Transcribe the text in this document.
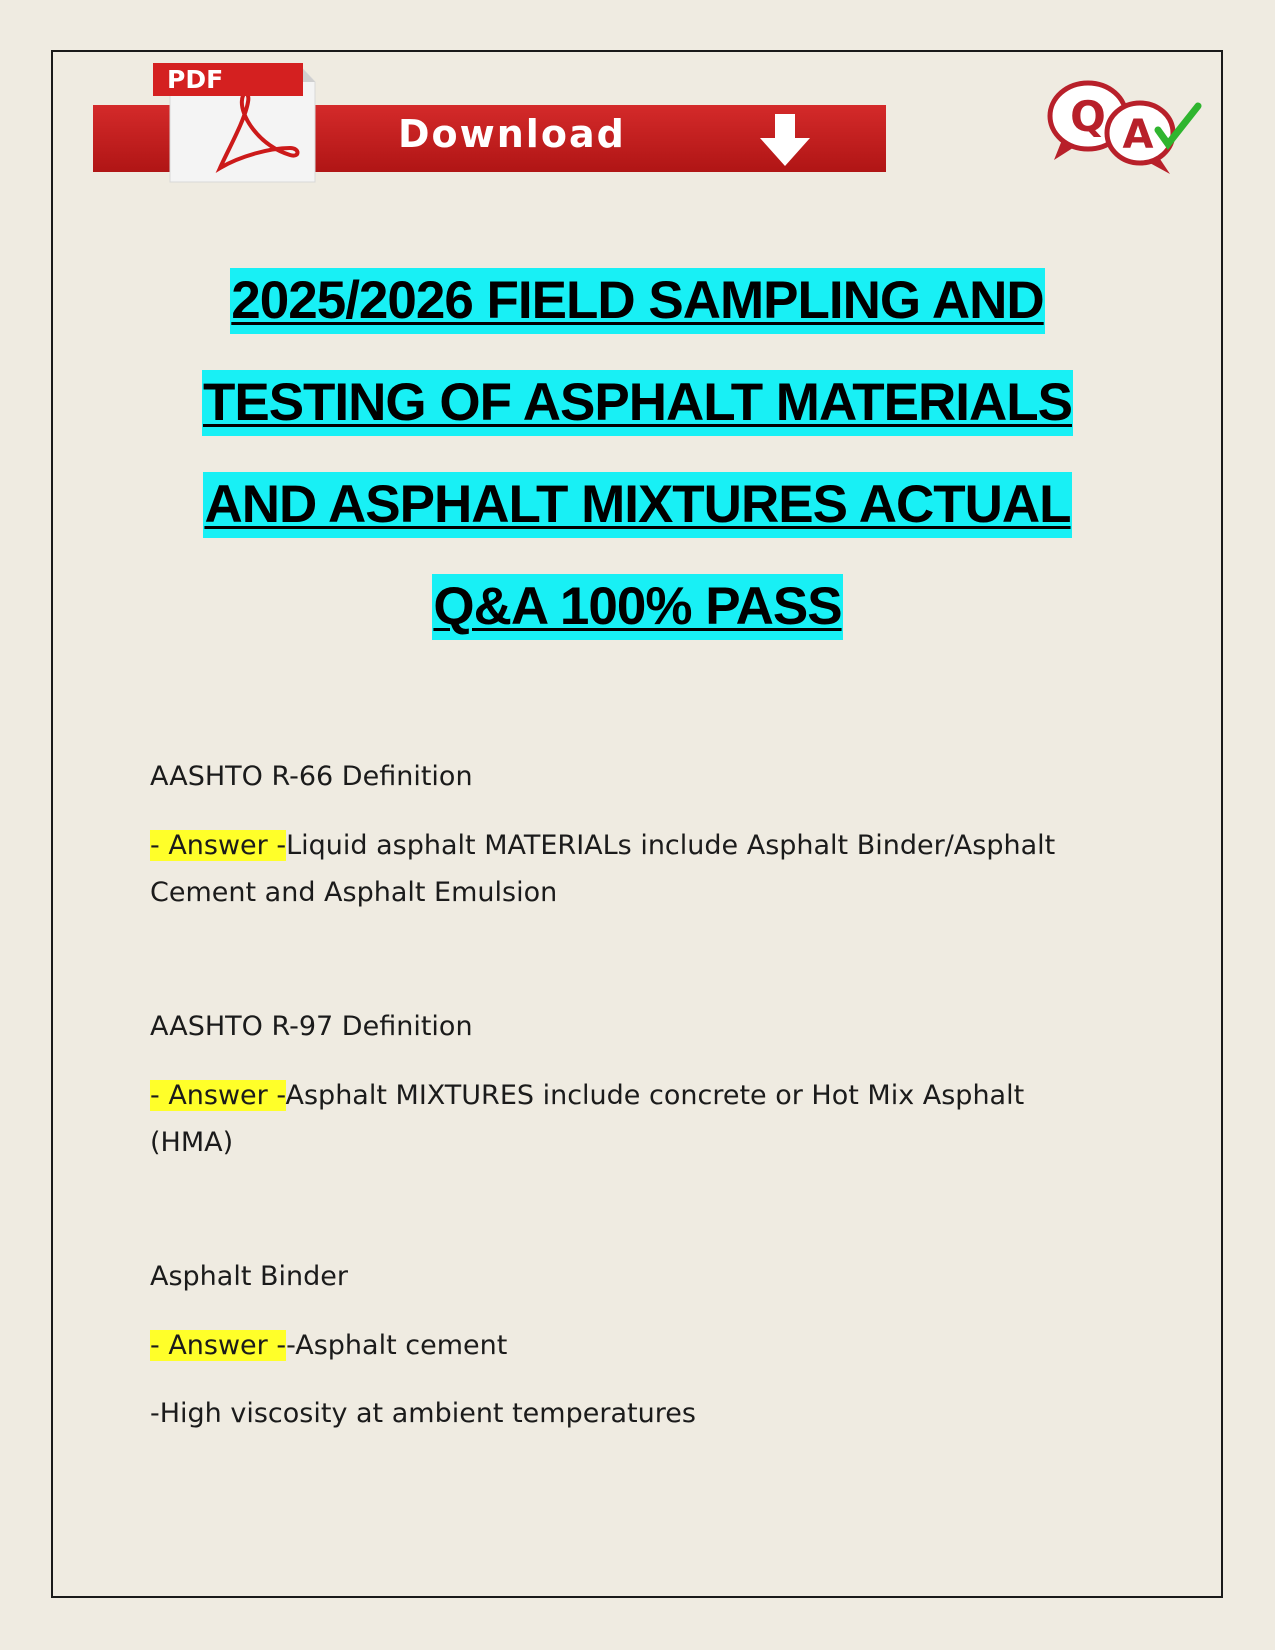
Download
PDF
Q A
2025/2026 FIELD SAMPLING AND
TESTING OF ASPHALT MATERIALS
AND ASPHALT MIXTURES ACTUAL
Q&A 100% PASS
AASHTO R-66 Definition
- Answer -Liquid asphalt MATERIALs include Asphalt Binder/Asphalt Cement and Asphalt Emulsion
AASHTO R-97 Definition
- Answer -Asphalt MIXTURES include concrete or Hot Mix Asphalt (HMA)
Asphalt Binder
- Answer --Asphalt cement
-High viscosity at ambient temperatures
